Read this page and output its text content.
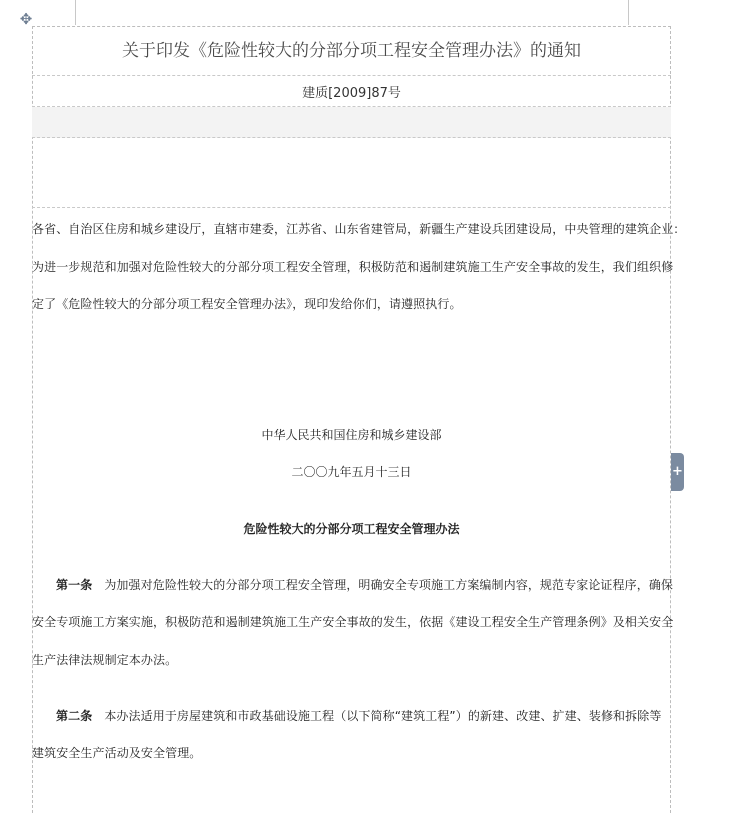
✥
关于印发《危险性较大的分部分项工程安全管理办法》的通知
建质[2009]87号
各省、自治区住房和城乡建设厅，直辖市建委，江苏省、山东省建管局，新疆生产建设兵团建设局，中央管理的建筑企业：
为进一步规范和加强对危险性较大的分部分项工程安全管理，积极防范和遏制建筑施工生产安全事故的发生，我们组织修
定了《危险性较大的分部分项工程安全管理办法》，现印发给你们，请遵照执行。
中华人民共和国住房和城乡建设部
二〇〇九年五月十三日
危险性较大的分部分项工程安全管理办法
第一条 为加强对危险性较大的分部分项工程安全管理，明确安全专项施工方案编制内容，规范专家论证程序，确保
安全专项施工方案实施，积极防范和遏制建筑施工生产安全事故的发生，依据《建设工程安全生产管理条例》及相关安全
生产法律法规制定本办法。
第二条 本办法适用于房屋建筑和市政基础设施工程（以下简称“建筑工程”）的新建、改建、扩建、装修和拆除等
建筑安全生产活动及安全管理。
+
